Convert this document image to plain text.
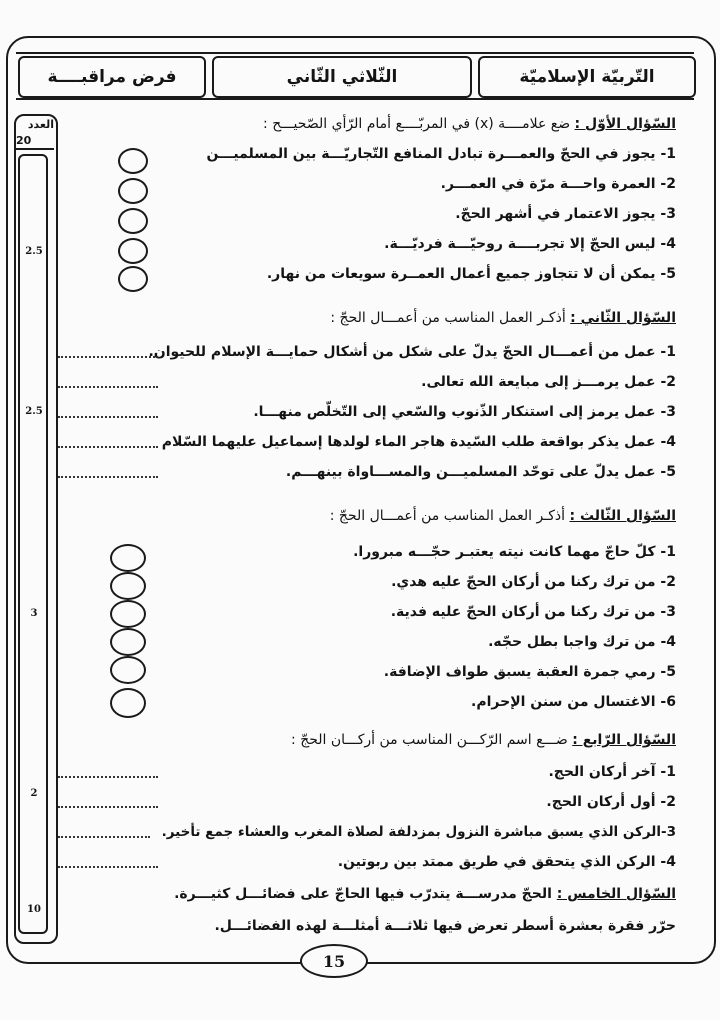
التّربيّة الإسلاميّة
الثّلاثي الثّاني
فرض مراقبــــة
العدد
20
2.5
2.5
3
2
10
السّؤال الأوّل : ضع علامــــة (x) في المربّــــع أمام الرّأي الصّحيـــح :
1- يجوز في الحجّ والعمـــرة تبادل المنافع التّجاريّـــة بين المسلميـــن
2- العمرة واحـــة مرّة في العمـــر.
3- يجوز الاعتمار في أشهر الحجّ.
4- ليس الحجّ إلا تجربــــة روحيّـــة فرديّـــة.
5- يمكن أن لا تتجاوز جميع أعمال العمــرة سويعات من نهار.
السّؤال الثّاني : أذكـر العمل المناسب من أعمـــال الحجّ :
1- عمل من أعمـــال الحجّ يدلّ على شكل من أشكال حمايـــة الإسلام للحيوان.
2- عمل يرمـــز إلى مبايعة الله تعالى.
3- عمل يرمز إلى استنكار الذّنوب والسّعي إلى التّخلّص منهـــا.
4- عمل يذكر بواقعة طلب السّيدة هاجر الماء لولدها إسماعيل عليهما السّلام
5- عمل يدلّ على توحّد المسلميـــن والمســـاواة بينهـــم.
السّؤال الثّالث : أذكـر العمل المناسب من أعمـــال الحجّ :
1- كلّ حاجّ مهما كانت نيته يعتبـر حجّـــه مبرورا.
2- من ترك ركنا من أركان الحجّ عليه هدي.
3- من ترك ركنا من أركان الحجّ عليه فدية.
4- من ترك واجبا بطل حجّه.
5- رمي جمرة العقبة يسبق طواف الإضافة.
6- الاغتسال من سنن الإحرام.
السّؤال الرّابع : ضـــع اسم الرّكـــن المناسب من أركـــان الحجّ :
1- آخر أركان الحج.
2- أول أركان الحج.
3-الركن الذي يسبق مباشرة النزول بمزدلفة لصلاة المغرب والعشاء جمع تأخير.
4- الركن الذي يتحقق في طريق ممتد بين ربوتين.
السّؤال الخامس : الحجّ مدرســـة يتدرّب فيها الحاجّ على فضائـــل كثيـــرة.
حرّر فقرة بعشرة أسطر تعرض فيها ثلاثـــة أمثلـــة لهذه الفضائـــل.
15
